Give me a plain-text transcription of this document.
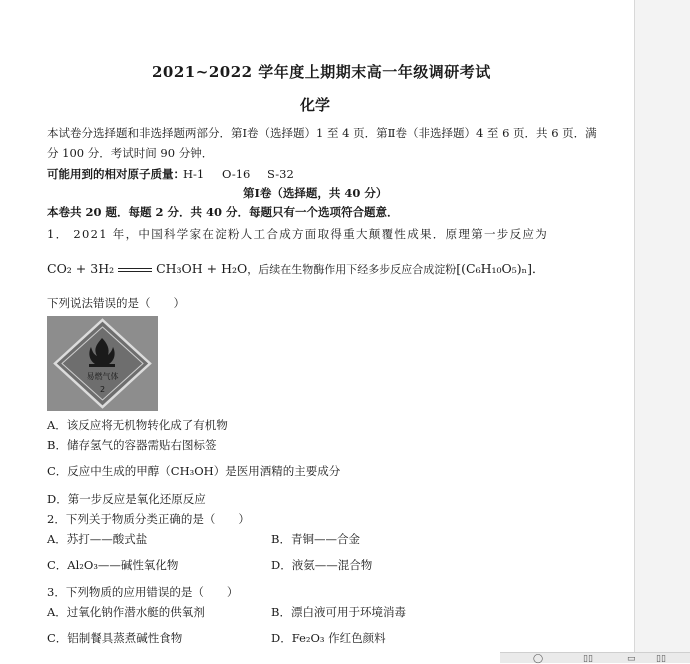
2021~2022 学年度上期期末高一年级调研考试
化学
本试卷分选择题和非选择题两部分．第Ⅰ卷（选择题）1 至 4 页．第Ⅱ卷（非选择题）4 至 6 页．共 6 页．满
分 100 分．考试时间 90 分钟．
可能用到的相对原子质量：
H-1 O-16 S-32
第Ⅰ卷（选择题，共 40 分）
本卷共 20 题．每题 2 分．共 40 分．每题只有一个选项符合题意．
1． 2021 年，中国科学家在淀粉人工合成方面取得重大颠覆性成果．原理第一步反应为
CO₂ + 3H₂	CH₃OH + H₂O，后续在生物酶作用下经多步反应合成淀粉[(C₆H₁₀O₅)ₙ]．
下列说法错误的是（　　）
易燃气体
2
A．该反应将无机物转化成了有机物
B．储存氢气的容器需贴右图标签
C．反应中生成的甲醇（CH₃OH）是医用酒精的主要成分
D．第一步反应是氧化还原反应
2．下列关于物质分类正确的是（　　）
A．苏打——酸式盐	B．青铜——合金
C．Al₂O₃——碱性氧化物	D．液氨——混合物
3．下列物质的应用错误的是（　　）
A．过氧化钠作潜水艇的供氧剂	B．漂白液可用于环境消毒
C．铝制餐具蒸煮碱性食物	D．Fe₂O₃ 作红色颜料
◯	▯▯	▭ ▯▯
